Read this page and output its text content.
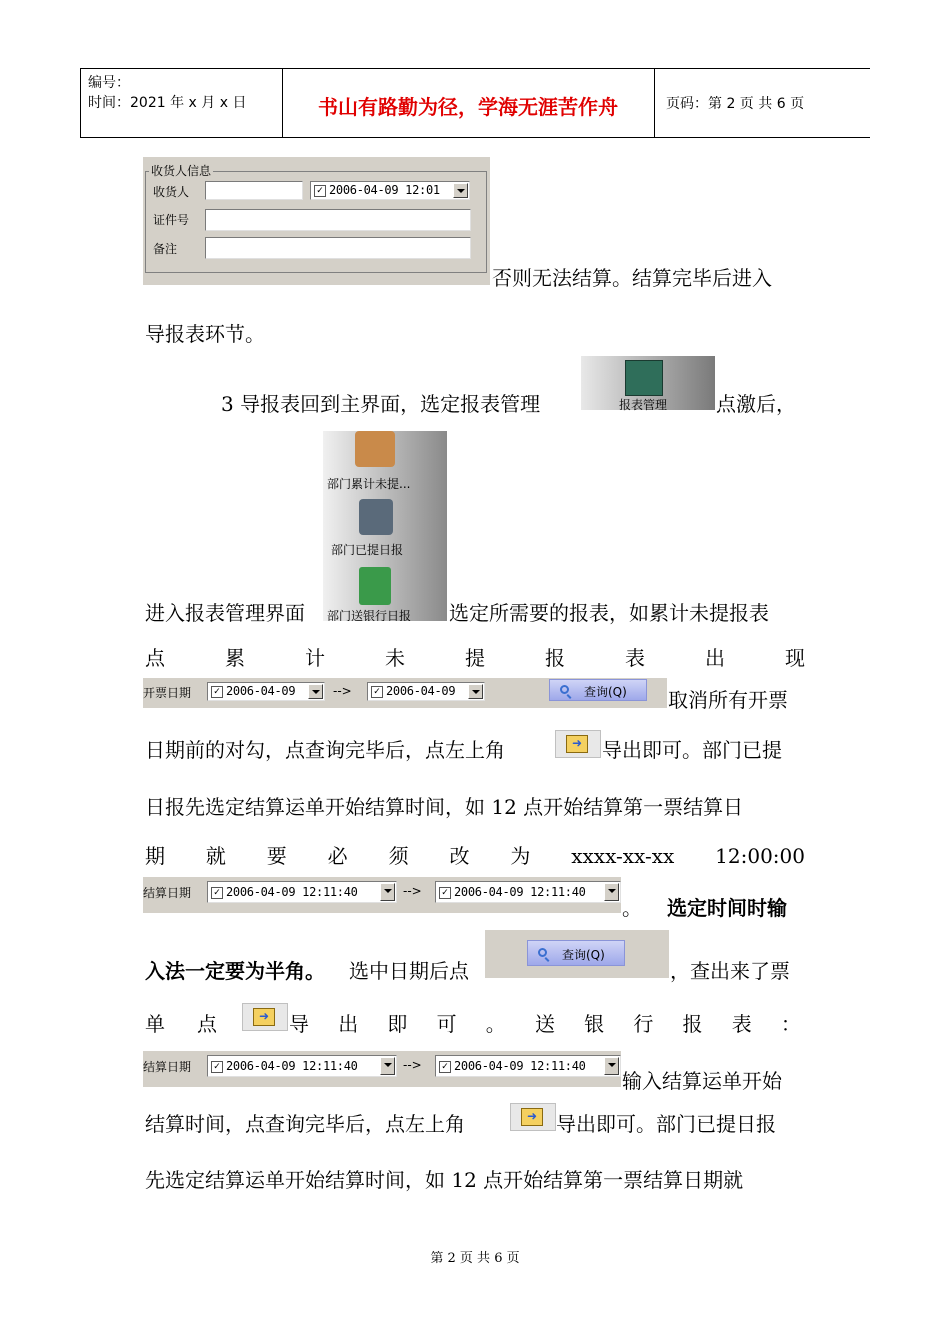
编号：
时间：2021 年 x 月 x 日	书山有路勤为径，学海无涯苦作舟	页码：第 2 页 共 6 页
收货人信息
收货人	✓ 2006-04-09 12:01
证件号
备注
否则无法结算。结算完毕后进入
导报表环节。
3 导报表回到主界面，选定报表管理	报表管理 点激后，
部门累计未提...
部门已提日报
部门送银行日报
进入报表管理界面	选定所需要的报表，如累计未提报表
点	累	计	未	提	报	表	出	现
开票日期 ✓ 2006-04-09	--> ✓ 2006-04-09	查询(Q) 取消所有开票
日期前的对勾，点查询完毕后，点左上角 ➜	导出即可。部门已提
日报先选定结算运单开始结算时间，如 12 点开始结算第一票结算日
期 就 要 必 须 改 为 xxxx-xx-xx 12:00:00
结算日期 ✓ 2006-04-09 12:11:40	--> ✓ 2006-04-09 12:11:40
。 选定时间时输
入法一定要为半角。 选中日期后点
查询(Q)
，查出来了票
单 点 ➜	导 出 即 可 。 送 银 行 报 表 ：
结算日期 ✓ 2006-04-09 12:11:40	--> ✓ 2006-04-09 12:11:40
输入结算运单开始
结算时间，点查询完毕后，点左上角 ➜	导出即可。部门已提日报
先选定结算运单开始结算时间，如 12 点开始结算第一票结算日期就
第 2 页 共 6 页
